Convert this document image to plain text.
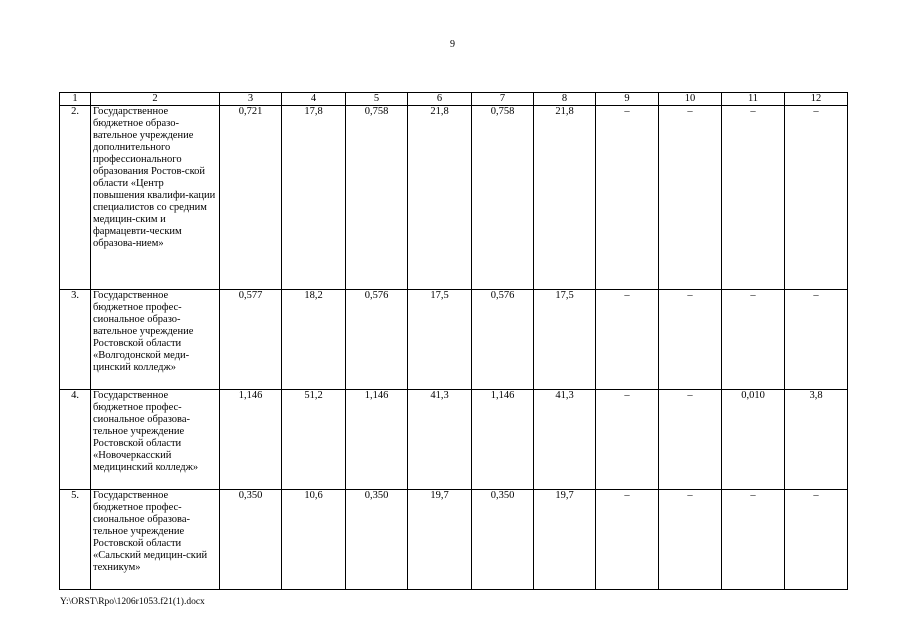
9
1	2	3	4	5	6	7	8	9	10	11	12
2.	Государственное бюджетное образо-вательное учреждение дополнительного профессионального образования Ростов-ской области «Центр повышения квалифи-кации специалистов со средним медицин-ским и фармацевти-ческим образова-нием»	0,721	17,8	0,758	21,8	0,758	21,8	–	–	–	–
3.	Государственное бюджетное профес-сиональное образо-вательное учреждение Ростовской области «Волгодонской меди-цинский колледж»	0,577	18,2	0,576	17,5	0,576	17,5	–	–	–	–
4.	Государственное бюджетное профес-сиональное образова-тельное учреждение Ростовской области «Новочеркасский медицинский колледж»	1,146	51,2	1,146	41,3	1,146	41,3	–	–	0,010	3,8
5.	Государственное бюджетное профес-сиональное образова-тельное учреждение Ростовской области «Сальский медицин-ский техникум»	0,350	10,6	0,350	19,7	0,350	19,7	–	–	–	–
Y:\ORST\Rpo\1206r1053.f21(1).docx
